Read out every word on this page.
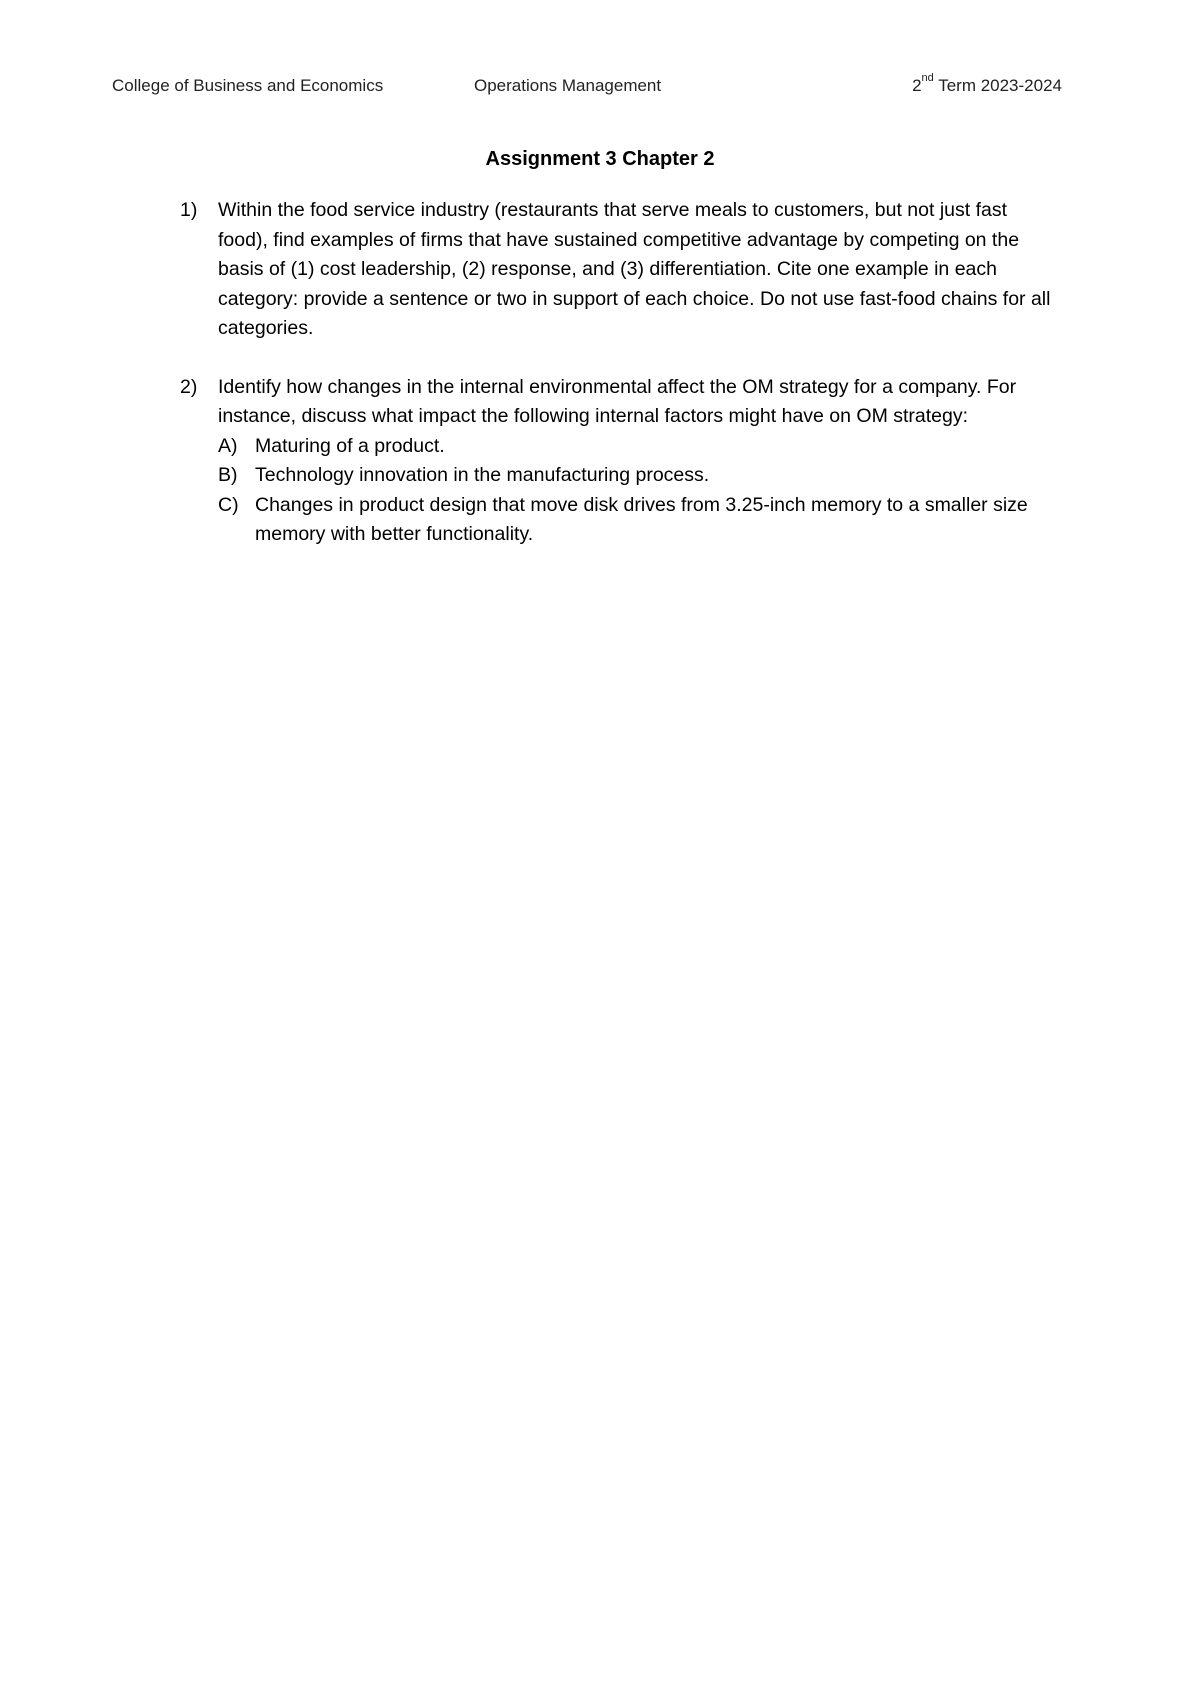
College of Business and Economics	Operations Management	2nd Term 2023-2024
Assignment 3 Chapter 2
1)	Within the food service industry (restaurants that serve meals to customers, but not just fast food), find examples of firms that have sustained competitive advantage by competing on the basis of (1) cost leadership, (2) response, and (3) differentiation. Cite one example in each category: provide a sentence or two in support of each choice. Do not use fast-food chains for all categories.
2)	Identify how changes in the internal environmental affect the OM strategy for a company. For instance, discuss what impact the following internal factors might have on OM strategy:
A) Maturing of a product.
B) Technology innovation in the manufacturing process.
C) Changes in product design that move disk drives from 3.25-inch memory to a smaller size memory with better functionality.
